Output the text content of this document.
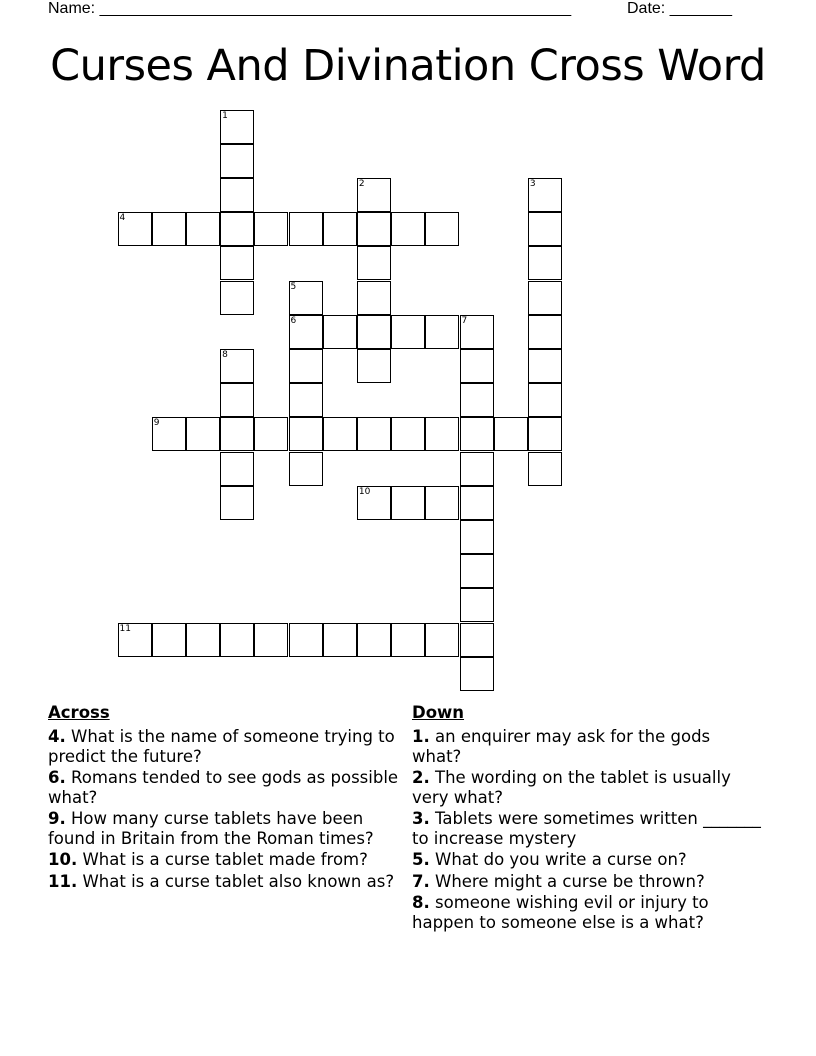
Name: _____________________________________________________	Date: _______
Curses And Divination Cross Word
1
2	3
4
5
6	7
8
9
10
11
Across
4. What is the name of someone trying to predict the future?
6. Romans tended to see gods as possible what?
9. How many curse tablets have been found in Britain from the Roman times?
10. What is a curse tablet made from?
11. What is a curse tablet also known as?
Down
1. an enquirer may ask for the gods what?
2. The wording on the tablet is usually very what?
3. Tablets were sometimes written _______ to increase mystery
5. What do you write a curse on?
7. Where might a curse be thrown?
8. someone wishing evil or injury to happen to someone else is a what?
